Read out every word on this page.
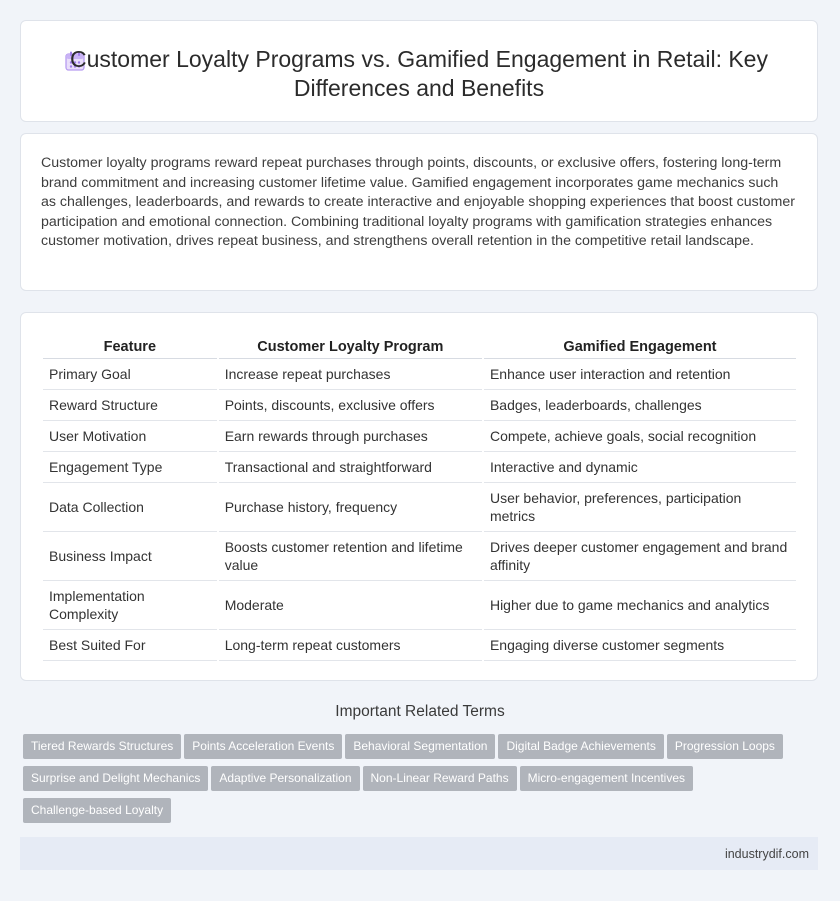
Customer Loyalty Programs vs. Gamified Engagement in Retail: Key Differences and Benefits

Customer loyalty programs reward repeat purchases through points, discounts, or exclusive offers, fostering long-term brand commitment and increasing customer lifetime value. Gamified engagement incorporates game mechanics such as challenges, leaderboards, and rewards to create interactive and enjoyable shopping experiences that boost customer participation and emotional connection. Combining traditional loyalty programs with gamification strategies enhances customer motivation, drives repeat business, and strengthens overall retention in the competitive retail landscape.

Feature	Customer Loyalty Program	Gamified Engagement
Primary Goal	Increase repeat purchases	Enhance user interaction and retention
Reward Structure	Points, discounts, exclusive offers	Badges, leaderboards, challenges
User Motivation	Earn rewards through purchases	Compete, achieve goals, social recognition
Engagement Type	Transactional and straightforward	Interactive and dynamic
Data Collection	Purchase history, frequency	User behavior, preferences, participation metrics
Business Impact	Boosts customer retention and lifetime value	Drives deeper customer engagement and brand affinity
Implementation Complexity	Moderate	Higher due to game mechanics and analytics
Best Suited For	Long-term repeat customers	Engaging diverse customer segments
Important Related Terms
Tiered Rewards Structures Points Acceleration Events Behavioral Segmentation Digital Badge Achievements Progression LoopsSurprise and Delight Mechanics Adaptive Personalization Non-Linear Reward Paths Micro-engagement IncentivesChallenge-based Loyalty
industrydif.com
